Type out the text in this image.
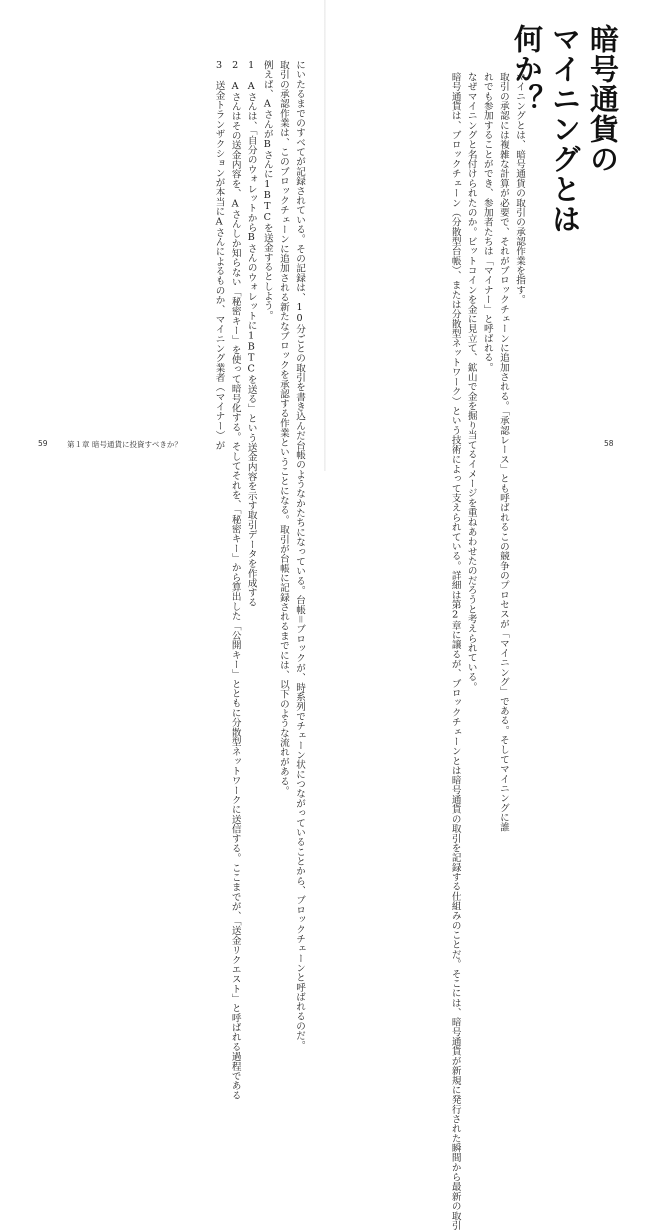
暗号通貨の
マイニングとは何か？

マイニングとは、暗号通貨の取引の承認作業を指す。

取引の承認には複雑な計算が必要で、それがブロックチェーンに追加される。「承認レース」とも呼ばれるこの競争のプロセスが「マイニング」である。そしてマイニングに誰

れでも参加することができ、参加者たちは「マイナー」と呼ばれる。

なぜマイニングと名付けられたのか。ビットコインを金に見立て、鉱山で金を掘り当てるイメージを重ねあわせたのだろうと考えられている。

暗号通貨は、ブロックチェーン（分散型台帳）、または分散型ネットワーク）という技術によって支えられている。詳細は第2章に譲るが、ブロックチェーンとは暗号通貨の取引を記録する仕組みのことだ。そこには、暗号通貨が新規に発行された瞬間から最新の取引

にいたるまでのすべてが記録されている。その記録は、10分ごとの取引を書き込んだ台帳のようなかたちになっている。台帳＝ブロックが、時系列でチェーン状につながっていることから、ブロックチェーンと呼ばれるのだ。

取引の承認作業は、このブロックチェーンに追加される新たなブロックを承認する作業ということになる。取引が台帳に記録されるまでには、以下のような流れがある。

例えば、AさんがBさんに1BTCを送金するとしよう。

1　Aさんは、「自分のウォレットからBさんのウォレットに1BTCを送る」という送金内容を示す取引データを作成する
2　Aさんはその送金内容を、Aさんしか知らない「秘密キー」を使って暗号化する。そしてそれを、「秘密キー」から算出した「公開キー」とともに分散型ネットワークに送信する。ここまでが、「送金リクエスト」と呼ばれる過程である
3　送金トランザクションが本当にAさんによるものか、マイニング業者（マイナー）が
59	第１章 暗号通貨に投資すべきか？	58
